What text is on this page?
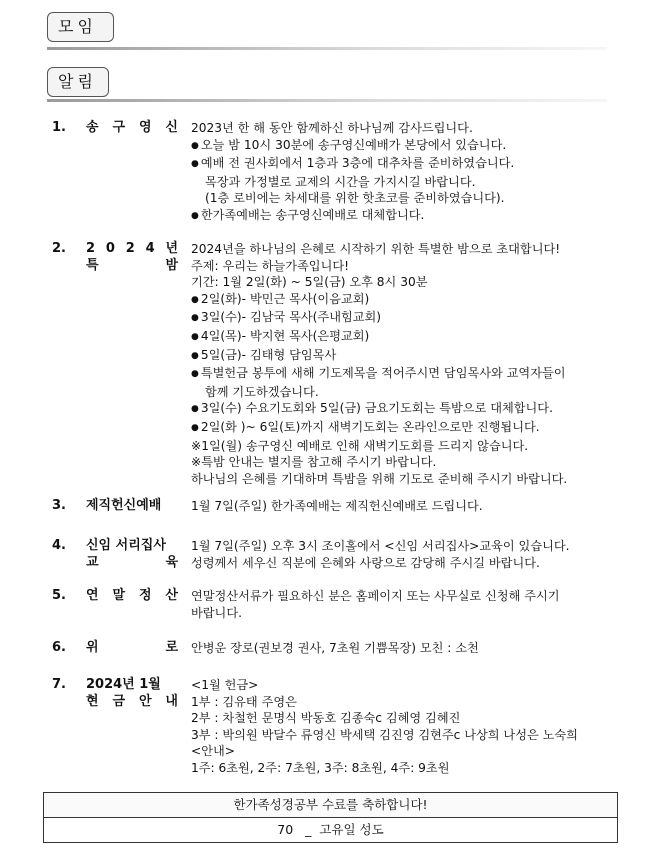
모임
알림
1. 송 구 영 신 2023년 한 해 동안 함께하신 하나님께 감사드립니다.
● 오늘 밤 10시 30분에 송구영신예배가 본당에서 있습니다.
● 예배 전 권사회에서 1층과 3층에 대추차를 준비하였습니다.
목장과 가정별로 교제의 시간을 가지시길 바랍니다.
(1층 로비에는 차세대를 위한 핫초코를 준비하였습니다).
● 한가족예배는 송구영신예배로 대체합니다.
2. 2 0 2 4 년
특	밤
2024년을 하나님의 은혜로 시작하기 위한 특별한 밤으로 초대합니다!
주제: 우리는 하늘가족입니다!
기간: 1월 2일(화) ~ 5일(금) 오후 8시 30분
● 2일(화)- 박민근 목사(이음교회)
● 3일(수)- 김남국 목사(주내힘교회)
● 4일(목)- 박지현 목사(은평교회)
● 5일(금)- 김태형 담임목사
● 특별헌금 봉투에 새해 기도제목을 적어주시면 담임목사와 교역자들이
함께 기도하겠습니다.
● 3일(수) 수요기도회와 5일(금) 금요기도회는 특밤으로 대체합니다.
● 2일(화 )~ 6일(토)까지 새벽기도회는 온라인으로만 진행됩니다.
※1일(월) 송구영신 예배로 인해 새벽기도회를 드리지 않습니다.
※특밤 안내는 별지를 참고해 주시기 바랍니다.
하나님의 은혜를 기대하며 특밤을 위해 기도로 준비해 주시기 바랍니다.
3. 제직헌신예배 1월 7일(주일) 한가족예배는 제직헌신예배로 드립니다.
4. 신임 서리집사
교	육
1월 7일(주일) 오후 3시 조이홀에서 <신임 서리집사>교육이 있습니다.
성령께서 세우신 직분에 은혜와 사랑으로 감당해 주시길 바랍니다.
5. 연 말 정 산 연말정산서류가 필요하신 분은 홈페이지 또는 사무실로 신청해 주시기
바랍니다.
6. 위	로 안병운 장로(권보경 권사, 7초원 기쁨목장) 모친 : 소천
7. 2024년 1월
현 금 안 내
<1월 헌금>
1부 : 김유태 주영은
2부 : 차철헌 문명식 박동호 김종숙c 김혜영 김혜진
3부 : 박의원 박달수 류영신 박세택 김진영 김현주c 나상희 나성은 노숙희
<안내>
1주: 6초원, 2주: 7초원, 3주: 8초원, 4주: 9초원
한가족성경공부 수료를 축하합니다!
70 _ 고유일 성도
